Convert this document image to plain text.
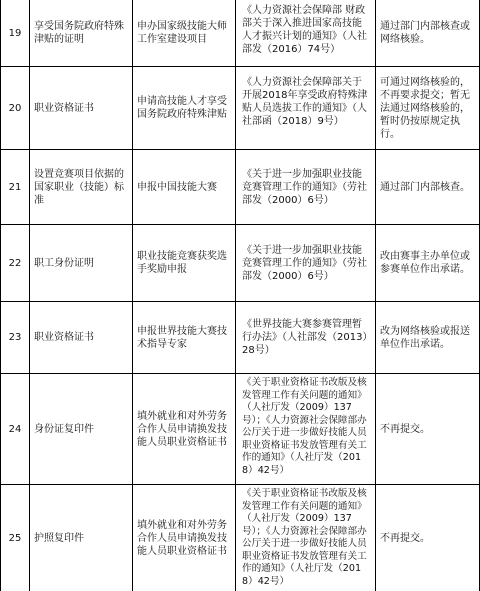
19
享受国务院政府特殊津贴的证明
申办国家级技能大师工作室建设项目
《人力资源社会保障部 财政部关于深入推进国家高技能人才振兴计划的通知》（人社部发（2016）74号）
通过部门内部核查或网络核验。
20 职业资格证书
申请高技能人才享受国务院政府特殊津贴
《人力资源社会保障部关于开展2018年享受政府特殊津贴人员选拔工作的通知》（人社部函（2018）9号）
可通过网络核验的，不再要求提交；暂无法通过网络核验的，暂时仍按原规定执行。
21
设置竞赛项目依据的国家职业（技能）标准
申报中国技能大赛
《关于进一步加强职业技能竞赛管理工作的通知》（劳社部发（2000）6号）
通过部门内部核查。
22 职工身份证明
职业技能竞赛获奖选手奖励申报
《关于进一步加强职业技能竞赛管理工作的通知》（劳社部发（2000）6号）
改由赛事主办单位或参赛单位作出承诺。
23 职业资格证书
申报世界技能大赛技术指导专家
《世界技能大赛参赛管理暂行办法》（人社部发（2013）28号）
改为网络核验或报送单位作出承诺。
24 身份证复印件
填外就业和对外劳务合作人员申请换发技能人员职业资格证书
《关于职业资格证书改版及核发管理工作有关问题的通知》（人社厅发（2009）137号）；《人力资源社会保障部办公厅关于进一步做好技能人员职业资格证书发放管理有关工作的通知》（人社厅发（2018）42号）
不再提交。
25 护照复印件
填外就业和对外劳务合作人员申请换发技能人员职业资格证书
《关于职业资格证书改版及核发管理工作有关问题的通知》（人社厅发（2009）137号）；《人力资源社会保障部办公厅关于进一步做好技能人员职业资格证书发放管理有关工作的通知》（人社厅发（2018）42号）
不再提交。
